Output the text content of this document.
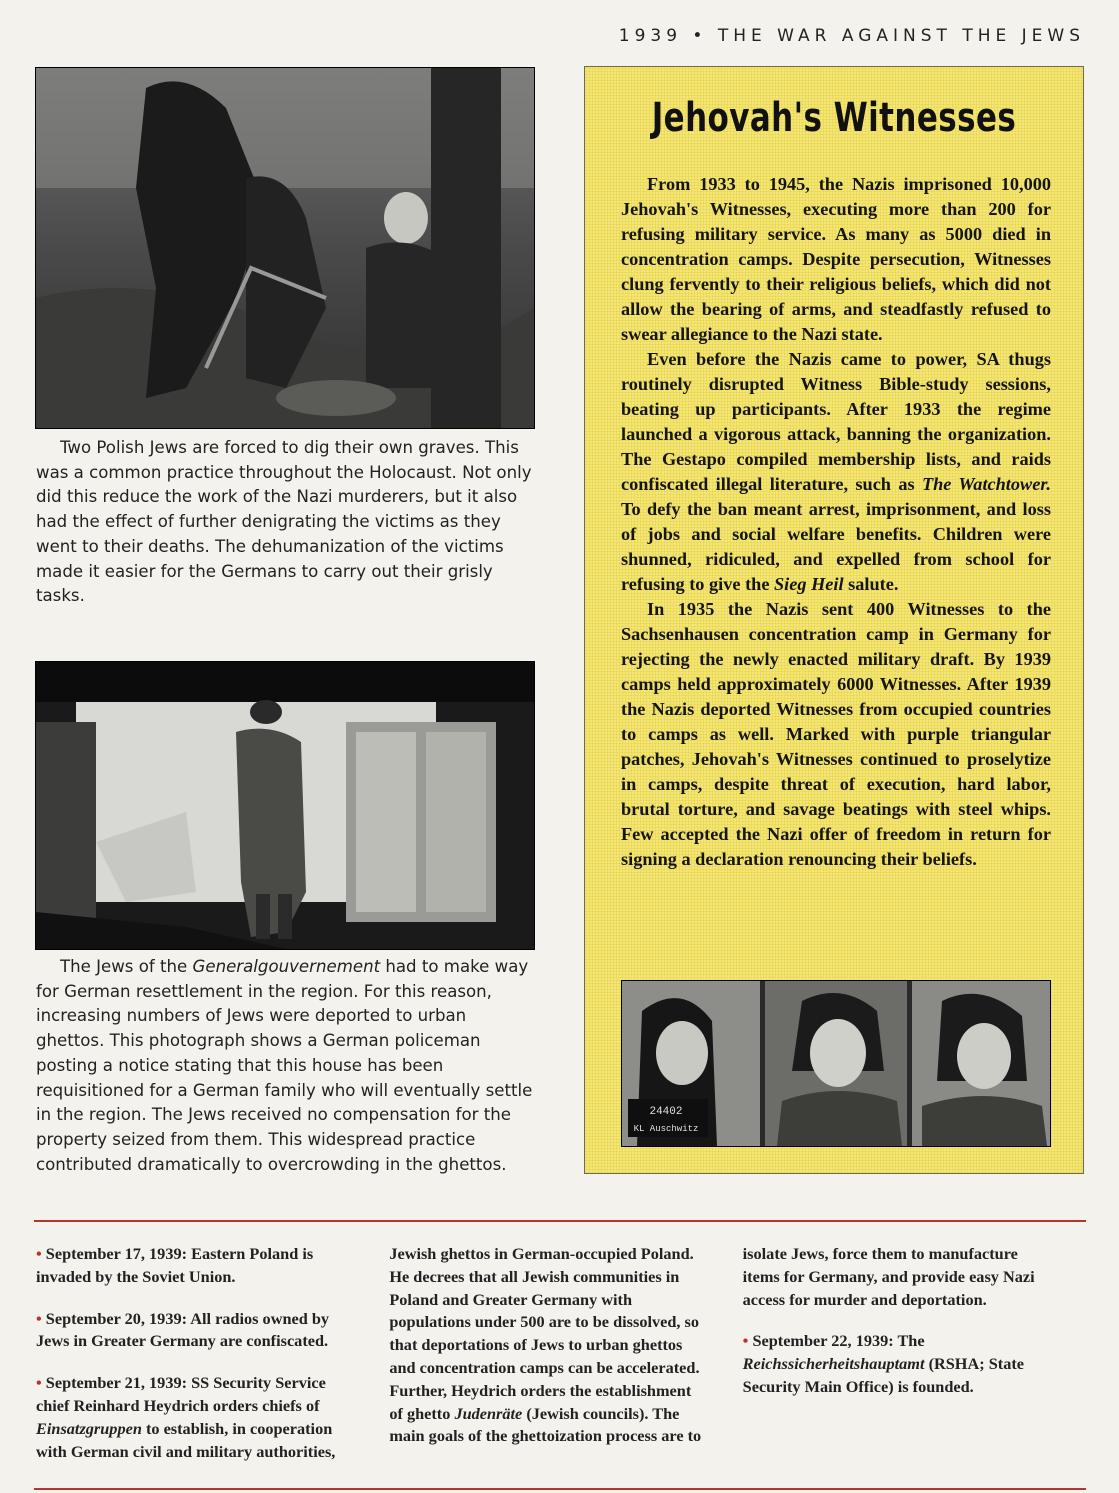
1939 • THE WAR AGAINST THE JEWS

Two Polish Jews are forced to dig their own graves. This was a common practice throughout the Holocaust. Not only did this reduce the work of the Nazi murderers, but it also had the effect of further denigrating the victims as they went to their deaths. The dehumanization of the victims made it easier for the Germans to carry out their grisly tasks.

The Jews of the Generalgouvernement had to make way for German resettlement in the region. For this reason, increasing numbers of Jews were deported to urban ghettos. This photograph shows a German policeman posting a notice stating that this house has been requisitioned for a German family who will eventually settle in the region. The Jews received no compensation for the property seized from them. This widespread practice contributed dramatically to overcrowding in the ghettos.

Jehovah's Witnesses

From 1933 to 1945, the Nazis imprisoned 10,000 Jehovah's Witnesses, executing more than 200 for refusing military service. As many as 5000 died in concentration camps. Despite persecution, Witnesses clung fervently to their religious beliefs, which did not allow the bearing of arms, and steadfastly refused to swear allegiance to the Nazi state.

Even before the Nazis came to power, SA thugs routinely disrupted Witness Bible-study sessions, beating up participants. After 1933 the regime launched a vigorous attack, banning the organization. The Gestapo compiled membership lists, and raids confiscated illegal literature, such as The Watchtower. To defy the ban meant arrest, imprisonment, and loss of jobs and social welfare benefits. Children were shunned, ridiculed, and expelled from school for refusing to give the Sieg Heil salute.

In 1935 the Nazis sent 400 Witnesses to the Sachsenhausen concentration camp in Germany for rejecting the newly enacted military draft. By 1939 camps held approximately 6000 Witnesses. After 1939 the Nazis deported Witnesses from occupied countries to camps as well. Marked with purple triangular patches, Jehovah's Witnesses continued to proselytize in camps, despite threat of execution, hard labor, brutal torture, and savage beatings with steel whips. Few accepted the Nazi offer of freedom in return for signing a declaration renouncing their beliefs.

24402
KL Auschwitz

• September 17, 1939: Eastern Poland is invaded by the Soviet Union.

• September 20, 1939: All radios owned by Jews in Greater Germany are confiscated.

• September 21, 1939: SS Security Service chief Reinhard Heydrich orders chiefs of Einsatzgruppen to establish, in cooperation with German civil and military authorities, Jewish ghettos in German-occupied Poland. He decrees that all Jewish communities in Poland and Greater Germany with populations under 500 are to be dissolved, so that deportations of Jews to urban ghettos and concentration camps can be accelerated. Further, Heydrich orders the establishment of ghetto Judenräte (Jewish councils). The main goals of the ghettoization process are to isolate Jews, force them to manufacture items for Germany, and provide easy Nazi access for murder and deportation.

• September 22, 1939: The Reichssicherheitshauptamt (RSHA; State Security Main Office) is founded.
